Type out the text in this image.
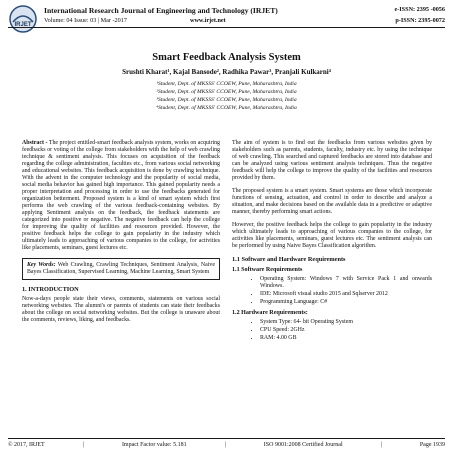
IRJET
International Research Journal of Engineering and Technology (IRJET)
Volume: 04 Issue: 03 | Mar -2017	www.irjet.net
e-ISSN: 2395 -0056
p-ISSN: 2395-0072
Smart Feedback Analysis System
Srushti Kharat¹, Kajal Bansode², Radhika Pawar³, Pranjali Kulkarni⁴
¹Student, Dept. of MKSSS' CCOEW, Pune, Maharashtra, India
²Student, Dept. of MKSSS' CCOEW, Pune, Maharashtra, India
³Student, Dept. of MKSSS' CCOEW, Pune, Maharashtra, India
⁴Student, Dept. of MKSSS' CCOEW, Pune, Maharashtra, India

Abstract - The project entitled-smart feedback analysis system, works on acquiring feedbacks or voting of the college from stakeholders with the help of web crawling technique & sentiment analysis. This focuses on acquisition of the feedback regarding the college administration, faculties etc., from various social networking and educational websites. This feedback acquisition is done by crawling technique. With the advent in the computer technology and the popularity of social media, social media behavior has gained high importance. This gained popularity needs a proper interpretation and processing in order to use the feedbacks generated for organization betterment. Proposed system is a kind of smart system which first performs the web crawling of the various feedback-containing websites. By applying Sentiment analysis on the feedback, the feedback statements are categorized into positive or negative. The negative feedback can help the college for improving the quality of facilities and resources provided. However, the positive feedback helps the college to gain popularity in the industry which ultimately leads to approaching of various companies to the college, for activities like placements, seminars, guest lectures etc.

Key Words: Web Crawling, Crawling Techniques, Sentiment Analysis, Naive Bayes Classification, Supervised Learning, Machine Learning, Smart System
1. INTRODUCTION

Now-a-days people state their views, comments, statements on various social networking websites. The alumni's or parents of students can state their feedbacks about the college on social networking websites. But the college is unaware about the comments, reviews, liking, and feedbacks.

The aim of system is to find out the feedbacks from various websites given by stakeholders such as parents, students, faculty, industry etc. by using the technique of web crawling. This searched and captured feedbacks are stored into database and can be analyzed using various sentiment analysis techniques. Thus the negative feedback will help the college to improve the quality of the facilities and resources provided by them.

The proposed system is a smart system. Smart systems are those which incorporate functions of sensing, actuation, and control in order to describe and analyze a situation, and make decisions based on the available data in a predictive or adaptive manner, thereby performing smart actions.

However, the positive feedback helps the college to gain popularity in the industry which ultimately leads to approaching of various companies to the college, for activities like placements, seminars, guest lectures etc. The sentiment analysis can be performed by using Naive Bayes Classification algorithm.

1.1 Software and Hardware Requirements
1.1 Software Requirements
• Operating System: Windows 7 with Service Pack 1 and onwards Windows.
• IDE: Microsoft visual studio 2015 and Sqlserver 2012
• Programming Language: C#
1.2 Hardware Requirements:
• System Type: 64- bit Operating System
• CPU Speed: 2GHz
• RAM: 4.00 GB
© 2017, IRJET	|	Impact Factor value: 5.181	|	ISO 9001:2008 Certified Journal	|	Page 1939
